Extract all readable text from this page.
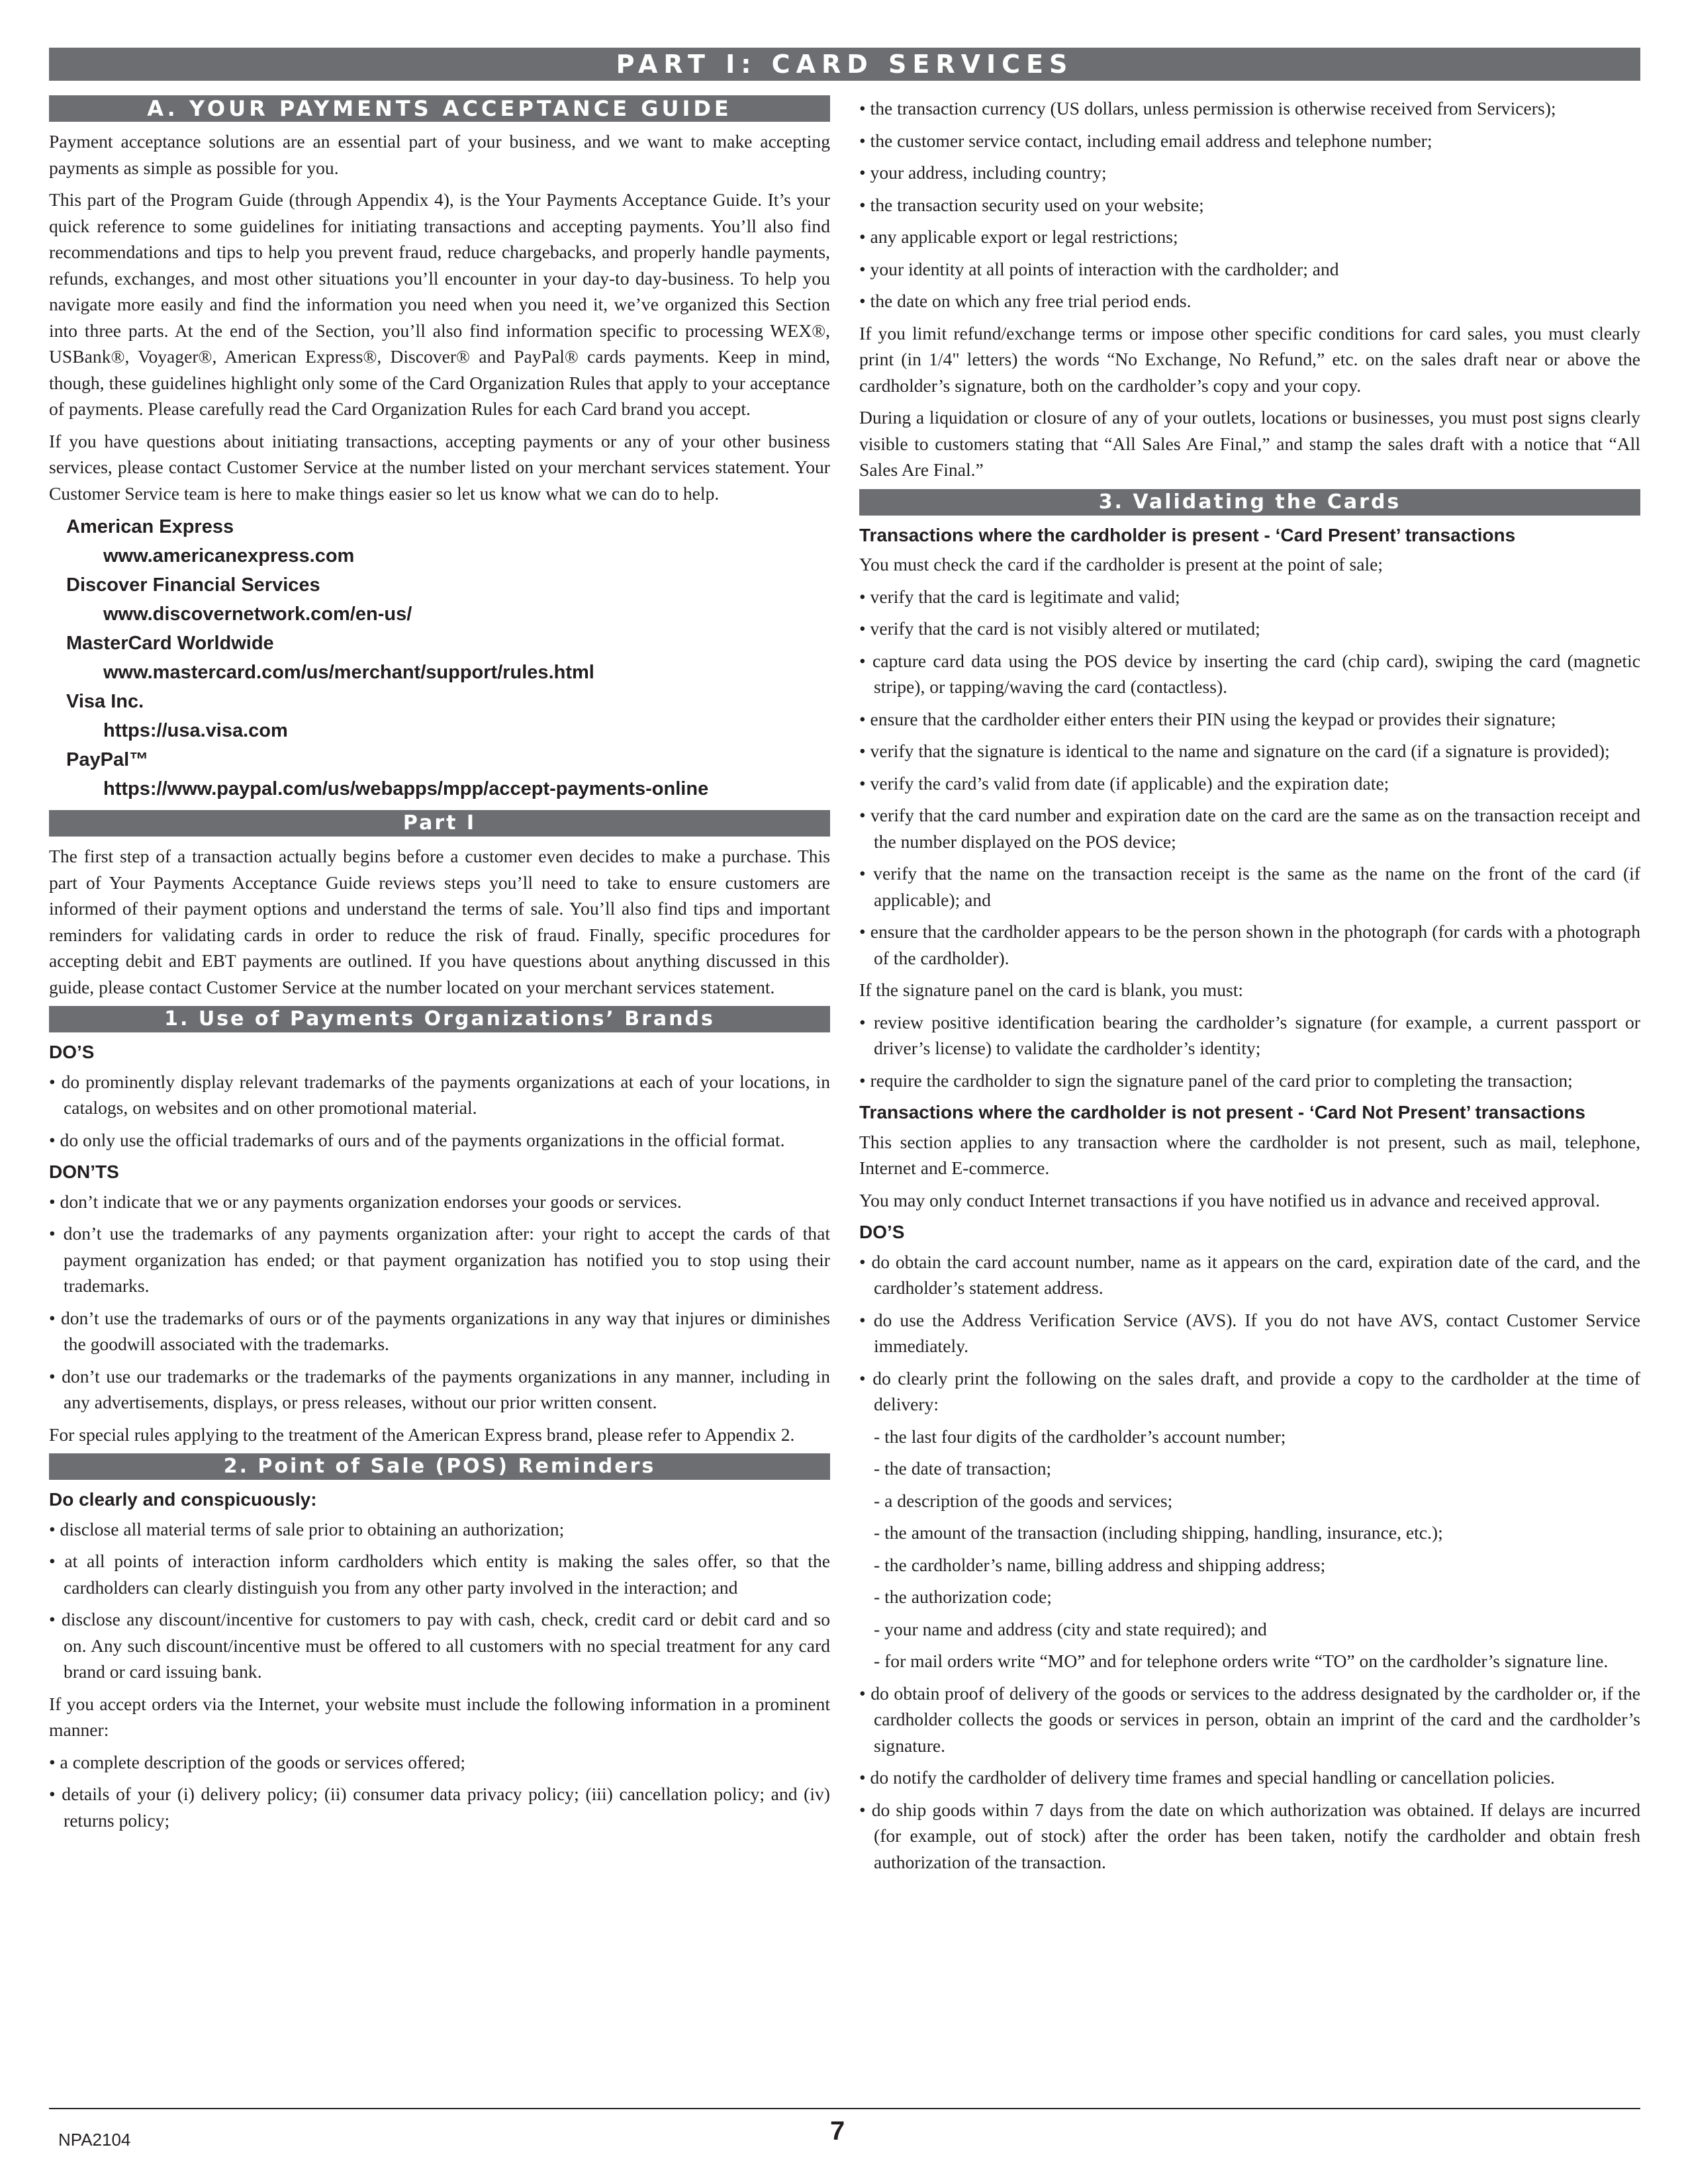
PART I: CARD SERVICES
A. YOUR PAYMENTS ACCEPTANCE GUIDE

Payment acceptance solutions are an essential part of your business, and we want to make accepting payments as simple as possible for you.

This part of the Program Guide (through Appendix 4), is the Your Payments Acceptance Guide. It’s your quick reference to some guidelines for initiating transactions and accepting payments. You’ll also find recommendations and tips to help you prevent fraud, reduce chargebacks, and properly handle payments, refunds, exchanges, and most other situations you’ll encounter in your day-to day-business. To help you navigate more easily and find the information you need when you need it, we’ve organized this Section into three parts. At the end of the Section, you’ll also find information specific to processing WEX®, USBank®, Voyager®, American Express®, Discover® and PayPal® cards payments. Keep in mind, though, these guidelines highlight only some of the Card Organization Rules that apply to your acceptance of payments. Please carefully read the Card Organization Rules for each Card brand you accept.

If you have questions about initiating transactions, accepting payments or any of your other business services, please contact Customer Service at the number listed on your merchant services statement. Your Customer Service team is here to make things easier so let us know what we can do to help.

American Express
www.americanexpress.com
Discover Financial Services
www.discovernetwork.com/en-us/
MasterCard Worldwide
www.mastercard.com/us/merchant/support/rules.html
Visa Inc.
https://usa.visa.com
PayPal™
https://www.paypal.com/us/webapps/mpp/accept-payments-online
Part I

The first step of a transaction actually begins before a customer even decides to make a purchase. This part of Your Payments Acceptance Guide reviews steps you’ll need to take to ensure customers are informed of their payment options and understand the terms of sale. You’ll also find tips and important reminders for validating cards in order to reduce the risk of fraud. Finally, specific procedures for accepting debit and EBT payments are outlined. If you have questions about anything discussed in this guide, please contact Customer Service at the number located on your merchant services statement.

1. Use of Payments Organizations’ Brands
DO’S
• do prominently display relevant trademarks of the payments organizations at each of your locations, in catalogs, on websites and on other promotional material.
• do only use the official trademarks of ours and of the payments organizations in the official format.
DON’TS
• don’t indicate that we or any payments organization endorses your goods or services.
• don’t use the trademarks of any payments organization after: your right to accept the cards of that payment organization has ended; or that payment organization has notified you to stop using their trademarks.
• don’t use the trademarks of ours or of the payments organizations in any way that injures or diminishes the goodwill associated with the trademarks.
• don’t use our trademarks or the trademarks of the payments organizations in any manner, including in any advertisements, displays, or press releases, without our prior written consent.

For special rules applying to the treatment of the American Express brand, please refer to Appendix 2.

2. Point of Sale (POS) Reminders
Do clearly and conspicuously:
• disclose all material terms of sale prior to obtaining an authorization;
• at all points of interaction inform cardholders which entity is making the sales offer, so that the cardholders can clearly distinguish you from any other party involved in the interaction; and
• disclose any discount/incentive for customers to pay with cash, check, credit card or debit card and so on. Any such discount/incentive must be offered to all customers with no special treatment for any card brand or card issuing bank.

If you accept orders via the Internet, your website must include the following information in a prominent manner:

• a complete description of the goods or services offered;
• details of your (i) delivery policy; (ii) consumer data privacy policy; (iii) cancellation policy; and (iv) returns policy;
• the transaction currency (US dollars, unless permission is otherwise received from Servicers);
• the customer service contact, including email address and telephone number;
• your address, including country;
• the transaction security used on your website;
• any applicable export or legal restrictions;
• your identity at all points of interaction with the cardholder; and
• the date on which any free trial period ends.

If you limit refund/exchange terms or impose other specific conditions for card sales, you must clearly print (in 1/4" letters) the words “No Exchange, No Refund,” etc. on the sales draft near or above the cardholder’s signature, both on the cardholder’s copy and your copy.

During a liquidation or closure of any of your outlets, locations or businesses, you must post signs clearly visible to customers stating that “All Sales Are Final,” and stamp the sales draft with a notice that “All Sales Are Final.”

3. Validating the Cards
Transactions where the cardholder is present - ‘Card Present’ transactions

You must check the card if the cardholder is present at the point of sale;

• verify that the card is legitimate and valid;
• verify that the card is not visibly altered or mutilated;
• capture card data using the POS device by inserting the card (chip card), swiping the card (magnetic stripe), or tapping/waving the card (contactless).
• ensure that the cardholder either enters their PIN using the keypad or provides their signature;
• verify that the signature is identical to the name and signature on the card (if a signature is provided);
• verify the card’s valid from date (if applicable) and the expiration date;
• verify that the card number and expiration date on the card are the same as on the transaction receipt and the number displayed on the POS device;
• verify that the name on the transaction receipt is the same as the name on the front of the card (if applicable); and
• ensure that the cardholder appears to be the person shown in the photograph (for cards with a photograph of the cardholder).

If the signature panel on the card is blank, you must:

• review positive identification bearing the cardholder’s signature (for example, a current passport or driver’s license) to validate the cardholder’s identity;
• require the cardholder to sign the signature panel of the card prior to completing the transaction;
Transactions where the cardholder is not present - ‘Card Not Present’ transactions

This section applies to any transaction where the cardholder is not present, such as mail, telephone, Internet and E-commerce.

You may only conduct Internet transactions if you have notified us in advance and received approval.

DO’S
• do obtain the card account number, name as it appears on the card, expiration date of the card, and the cardholder’s statement address.
• do use the Address Verification Service (AVS). If you do not have AVS, contact Customer Service immediately.
• do clearly print the following on the sales draft, and provide a copy to the cardholder at the time of delivery:
- the last four digits of the cardholder’s account number;
- the date of transaction;
- a description of the goods and services;
- the amount of the transaction (including shipping, handling, insurance, etc.);
- the cardholder’s name, billing address and shipping address;
- the authorization code;
- your name and address (city and state required); and
- for mail orders write “MO” and for telephone orders write “TO” on the cardholder’s signature line.
• do obtain proof of delivery of the goods or services to the address designated by the cardholder or, if the cardholder collects the goods or services in person, obtain an imprint of the card and the cardholder’s signature.
• do notify the cardholder of delivery time frames and special handling or cancellation policies.
• do ship goods within 7 days from the date on which authorization was obtained. If delays are incurred (for example, out of stock) after the order has been taken, notify the cardholder and obtain fresh authorization of the transaction.
NPA2104	7
